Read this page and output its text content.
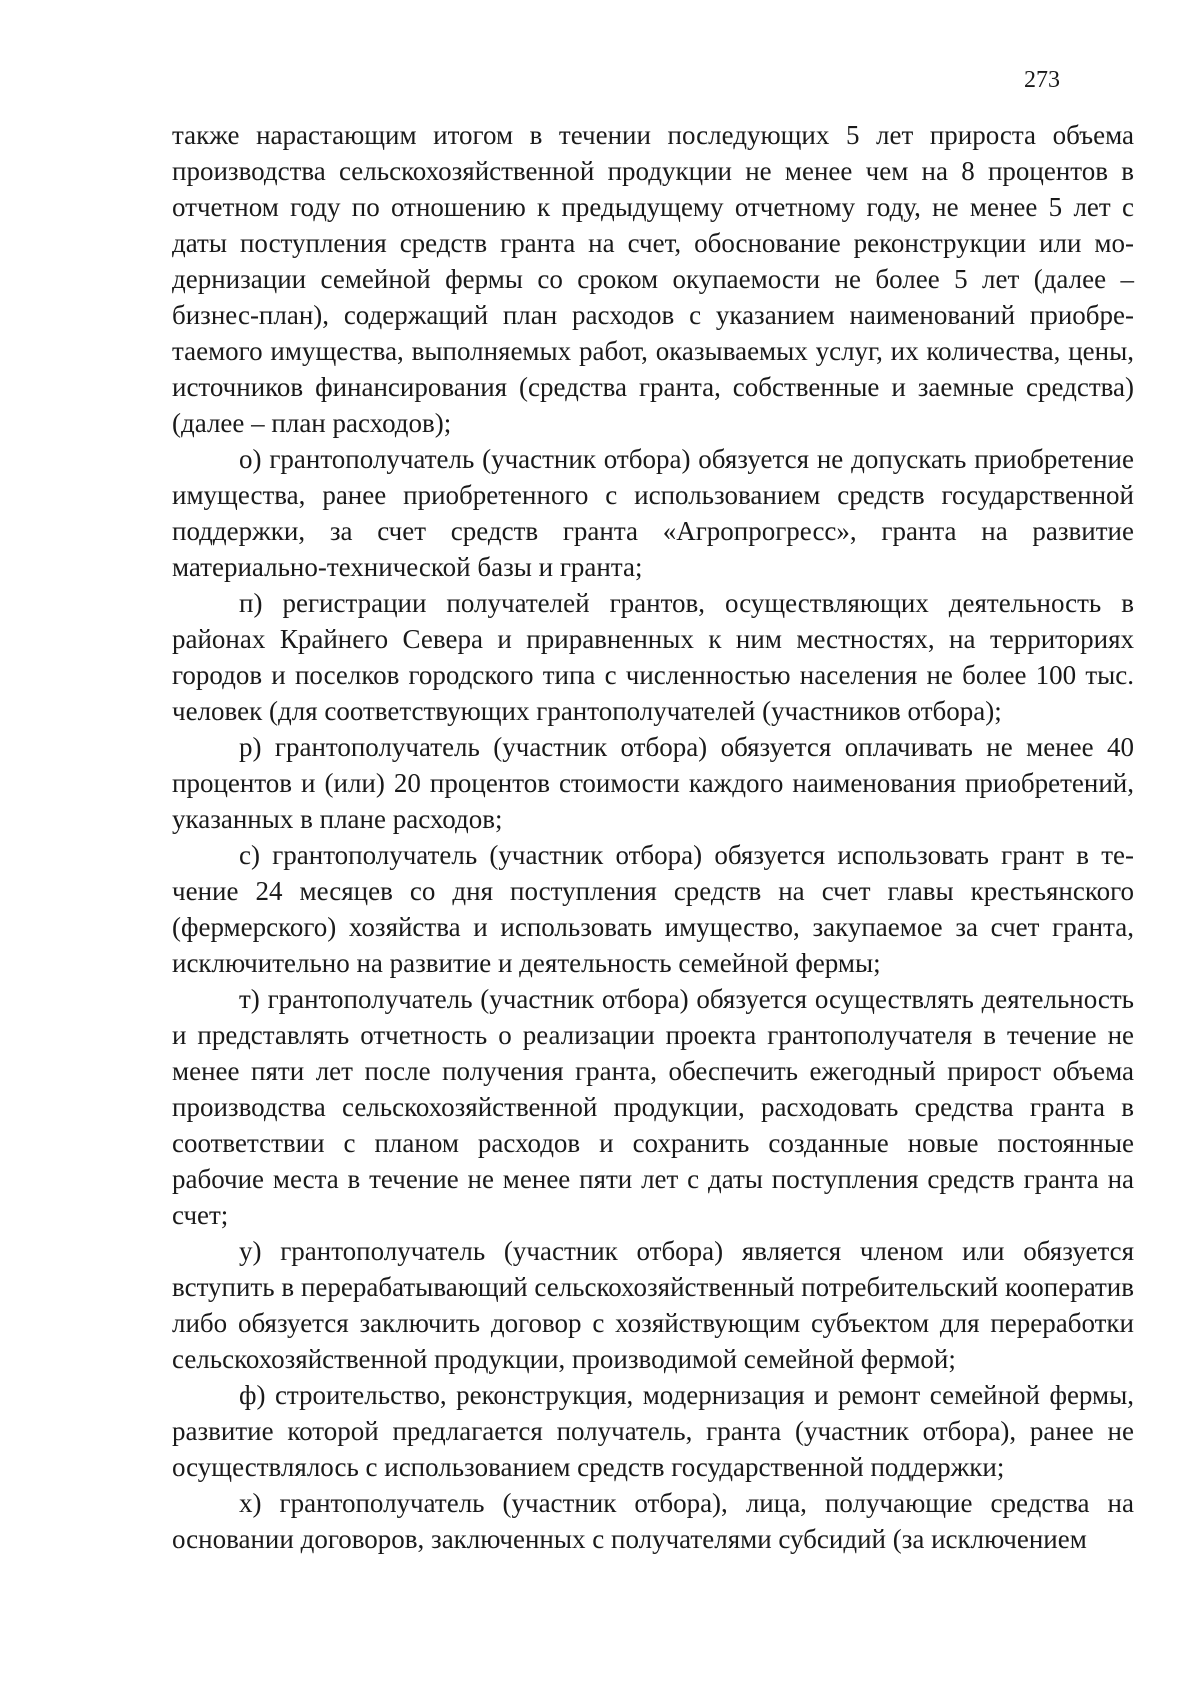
273

также нарастающим итогом в течении последующих 5 лет прироста объема производства сельскохозяйственной продукции не менее чем на 8 процентов в отчетном году по отношению к предыдущему отчетному году, не менее 5 лет с даты поступления средств гранта на счет, обоснование реконструкции или модернизации семейной фермы со сроком окупаемости не более 5 лет (далее – бизнес-план), содержащий план расходов с указанием наименований приобретаемого имущества, выполняемых работ, оказываемых услуг, их количества, цены, источников финансирования (средства гранта, собственные и заемные средства) (далее – план расходов);

о) грантополучатель (участник отбора) обязуется не допускать приобретение имущества, ранее приобретенного с использованием средств государственной поддержки, за счет средств гранта «Агропрогресс», гранта на развитие материально-технической базы и гранта;

п) регистрации получателей грантов, осуществляющих деятельность в районах Крайнего Севера и приравненных к ним местностях, на территориях городов и поселков городского типа с численностью населения не более 100 тыс. человек (для соответствующих грантополучателей (участников отбора);

р) грантополучатель (участник отбора) обязуется оплачивать не менее 40 процентов и (или) 20 процентов стоимости каждого наименования приобретений, указанных в плане расходов;

с) грантополучатель (участник отбора) обязуется использовать грант в течение 24 месяцев со дня поступления средств на счет главы крестьянского (фермерского) хозяйства и использовать имущество, закупаемое за счет гранта, исключительно на развитие и деятельность семейной фермы;

т) грантополучатель (участник отбора) обязуется осуществлять деятельность и представлять отчетность о реализации проекта грантополучателя в течение не менее пяти лет после получения гранта, обеспечить ежегодный прирост объема производства сельскохозяйственной продукции, расходовать средства гранта в соответствии с планом расходов и сохранить созданные новые постоянные рабочие места в течение не менее пяти лет с даты поступления средств гранта на счет;

у) грантополучатель (участник отбора) является членом или обязуется вступить в перерабатывающий сельскохозяйственный потребительский кооператив либо обязуется заключить договор с хозяйствующим субъектом для переработки сельскохозяйственной продукции, производимой семейной фермой;

ф) строительство, реконструкция, модернизация и ремонт семейной фермы, развитие которой предлагается получатель, гранта (участник отбора), ранее не осуществлялось с использованием средств государственной поддержки;

х) грантополучатель (участник отбора), лица, получающие средства на основании договоров, заключенных с получателями субсидий (за исключением
